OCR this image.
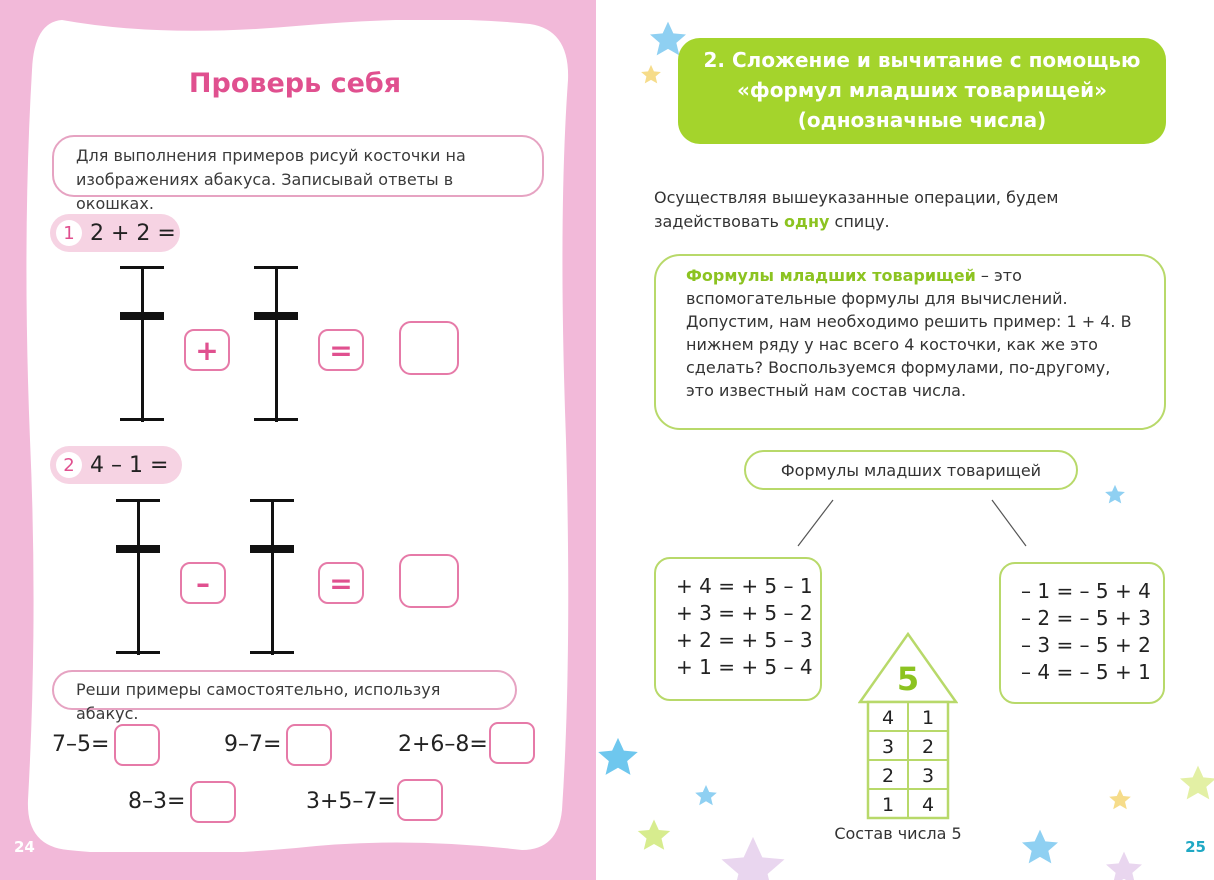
Проверь себя
Для выполнения примеров рисуй косточки на изображениях абакуса. Записывай ответы в окошках.
1 2 + 2 =
+	=
2 4 – 1 =
–	=
Реши примеры самостоятельно, используя абакус.
7–5=	9–7=	2+6–8=
8–3=	3+5–7=
24
2. Сложение и вычитание с помощью
«формул младших товарищей»
(однозначные числа)
Осуществляя вышеуказанные операции, будем задействовать одну спицу.
Формулы младших товарищей – это вспомогательные формулы для вычислений. Допустим, нам необходимо решить пример: 1 + 4. В нижнем ряду у нас всего 4 косточки, как же это сделать? Воспользуемся формулами, по-другому, это известный нам состав числа.
Формулы младших товарищей
+ 4 = + 5 – 1
+ 3 = + 5 – 2
+ 2 = + 5 – 3
+ 1 = + 5 – 4
– 1 = – 5 + 4
– 2 = – 5 + 3
– 3 = – 5 + 2
– 4 = – 5 + 1
5
4 1
3 2
2 3
1 4
Состав числа 5
25
